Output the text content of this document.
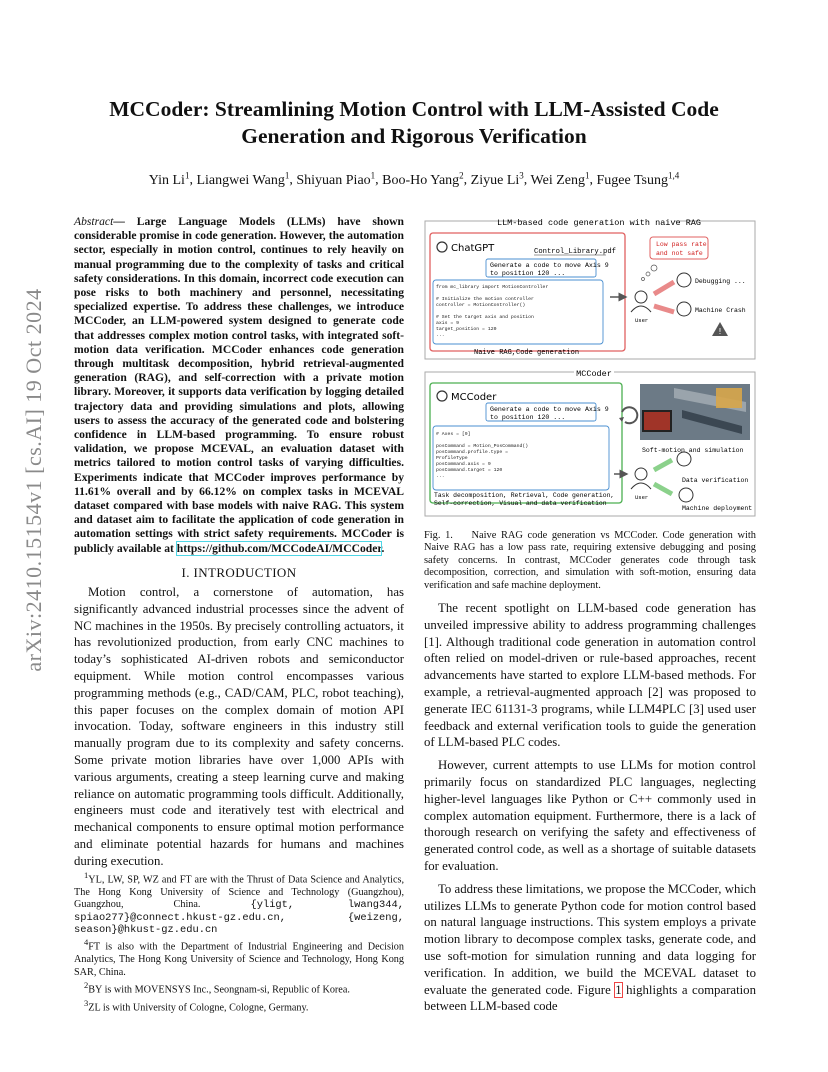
MCCoder: Streamlining Motion Control with LLM-Assisted Code Generation and Rigorous Verification
Yin Li$^1$, Liangwei Wang$^1$, Shiyuan Piao$^1$, Boo-Ho Yang$^2$, Ziyue Li$^3$, Wei Zeng$^1$, Fugee Tsung$^{1,4}$
arXiv:2410.15154v1 [cs.AI] 19 Oct 2024
Abstract— Large Language Models (LLMs) have shown considerable promise in code generation. However, the automation sector, especially in motion control, continues to rely heavily on manual programming due to the complexity of tasks and critical safety considerations. In this domain, incorrect code execution can pose risks to both machinery and personnel, necessitating specialized expertise. To address these challenges, we introduce MCCoder, an LLM-powered system designed to generate code that addresses complex motion control tasks, with integrated soft-motion data verification. MCCoder enhances code generation through multitask decomposition, hybrid retrieval-augmented generation (RAG), and self-correction with a private motion library. Moreover, it supports data verification by logging detailed trajectory data and providing simulations and plots, allowing users to assess the accuracy of the generated code and bolstering confidence in LLM-based programming. To ensure robust validation, we propose MCEVAL, an evaluation dataset with metrics tailored to motion control tasks of varying difficulties. Experiments indicate that MCCoder improves performance by 11.61% overall and by 66.12% on complex tasks in MCEVAL dataset compared with base models with naive RAG. This system and dataset aim to facilitate the application of code generation in automation settings with strict safety requirements. MCCoder is publicly available at https://github.com/MCCodeAI/MCCoder.
I. INTRODUCTION

Motion control, a cornerstone of automation, has significantly advanced industrial processes since the advent of NC machines in the 1950s. By precisely controlling actuators, it has revolutionized production, from early CNC machines to today’s sophisticated AI-driven robots and semiconductor equipment. While motion control encompasses various programming methods (e.g., CAD/CAM, PLC, robot teaching), this paper focuses on the complex domain of motion API invocation. Today, software engineers in this industry still manually program due to its complexity and safety concerns. Some private motion libraries have over 1,000 APIs with various arguments, creating a steep learning curve and making reliance on automatic programming tools difficult. Additionally, engineers must code and iteratively test with electrical and mechanical components to ensure optimal motion performance and eliminate potential hazards for humans and machines during execution.

$^1$YL, LW, SP, WZ and FT are with the Thrust of Data Science and Analytics, The Hong Kong University of Science and Technology (Guangzhou), Guangzhou, China.	{yligt, lwang344, spiao277}@connect.hkust-gz.edu.cn, {weizeng, season}@hkust-gz.edu.cn

$^4$FT is also with the Department of Industrial Engineering and Decision Analytics, The Hong Kong University of Science and Technology, Hong Kong SAR, China.

$^2$BY is with MOVENSYS Inc., Seongnam-si, Republic of Korea.

$^3$ZL is with University of Cologne, Cologne, Germany.

LLM-based code generation with naive RAG
ChatGPT	Control_Library.pdf
Generate a code to move Axis 9
to position 120 ...
from mc_library import MotionController
# Initialize the motion controller
controller = MotionController()
# Set the target axis and position
axis = 9
target_position = 120
...
Naive RAG,Code generation
Low pass rate
and not safe
User
Debugging ...
Machine Crash
!
MCCoder
MCCoder
Generate a code to move Axis 9
to position 120 ...
# Axes = [9]
posCommand = Motion_PosCommand()
posCommand.profile.type =
ProfileType
posCommand.axis = 9
posCommand.target = 120
...
Task decomposition, Retrieval, Code generation,
Self-correction, Visual and data verification
Soft-motion and simulation
User
Data verification
Machine deployment
Fig. 1. Naive RAG code generation vs MCCoder. Code generation with Naive RAG has a low pass rate, requiring extensive debugging and posing safety concerns. In contrast, MCCoder generates code through task decomposition, correction, and simulation with soft-motion, ensuring data verification and safe machine deployment.

The recent spotlight on LLM-based code generation has unveiled impressive ability to address programming challenges [1]. Although traditional code generation in automation control often relied on model-driven or rule-based approaches, recent advancements have started to explore LLM-based methods. For example, a retrieval-augmented approach [2] was proposed to generate IEC 61131-3 programs, while LLM4PLC [3] used user feedback and external verification tools to guide the generation of LLM-based PLC codes.

However, current attempts to use LLMs for motion control primarily focus on standardized PLC languages, neglecting higher-level languages like Python or C++ commonly used in complex automation equipment. Furthermore, there is a lack of thorough research on verifying the safety and effectiveness of generated control code, as well as a shortage of suitable datasets for evaluation.

To address these limitations, we propose the MCCoder, which utilizes LLMs to generate Python code for motion control based on natural language instructions. This system employs a private motion library to decompose complex tasks, generate code, and use soft-motion for simulation running and data logging for verification. In addition, we build the MCEVAL dataset to evaluate the generated code. Figure 1 highlights a comparation between LLM-based code
